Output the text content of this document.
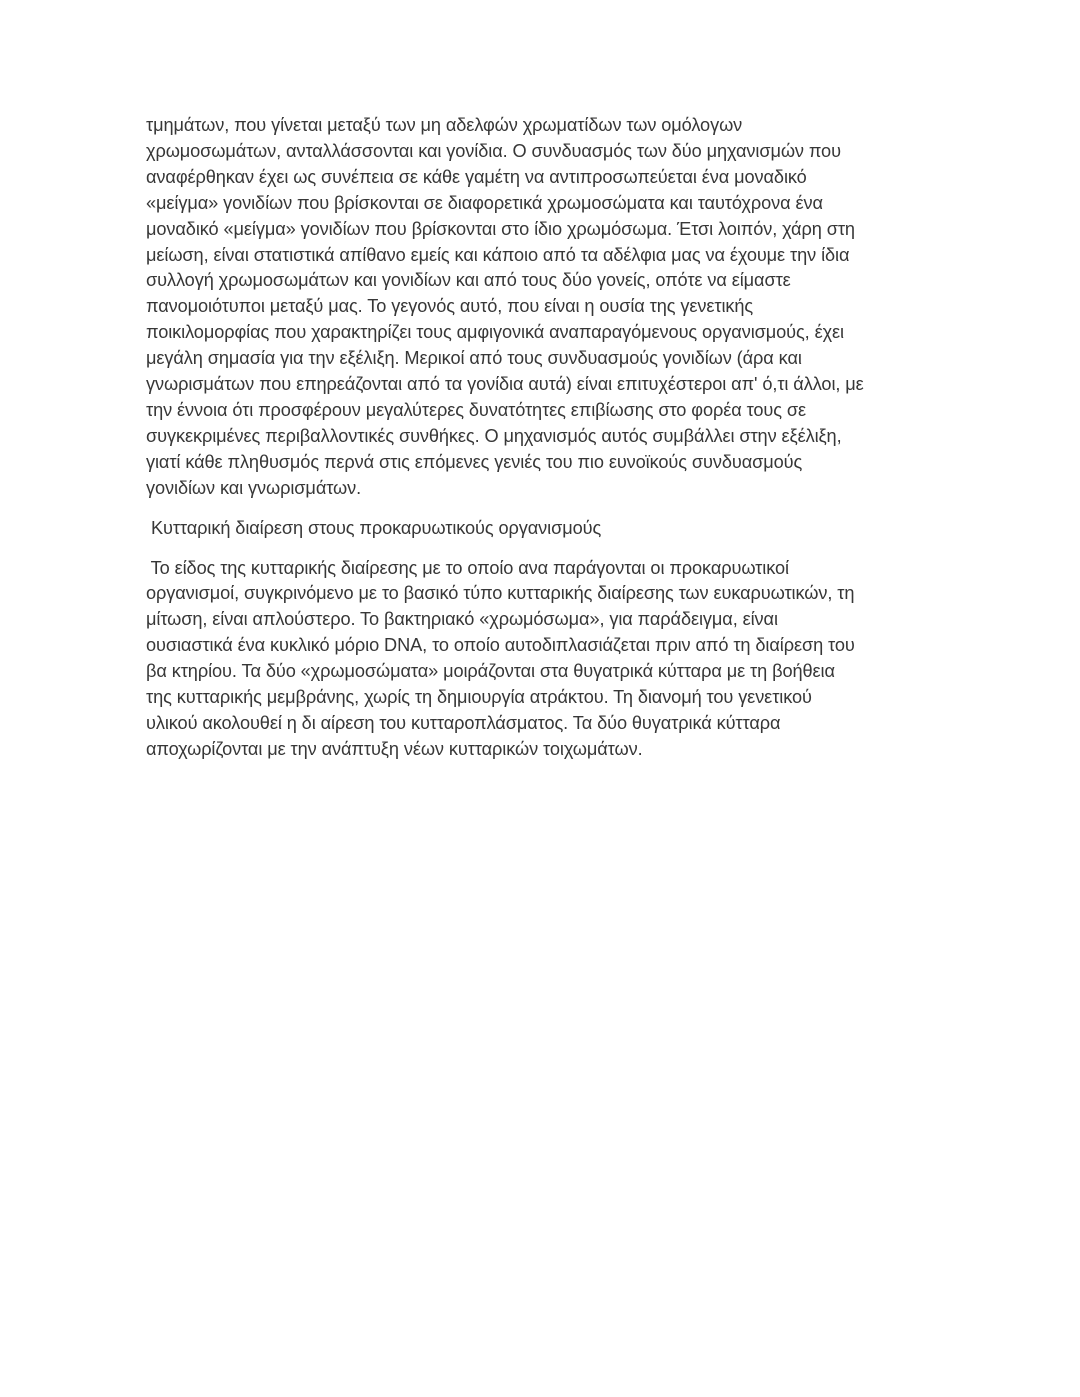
τμημάτων, που γίνεται μεταξύ των μη αδελφών χρωματίδων των ομόλογων
χρωμοσωμάτων, ανταλλάσσονται και γονίδια. Ο συνδυασμός των δύο μηχανισμών που
αναφέρθηκαν έχει ως συνέπεια σε κάθε γαμέτη να αντιπροσωπεύεται ένα μοναδικό
«μείγμα» γονιδίων που βρίσκονται σε διαφορετικά χρωμοσώματα και ταυτόχρονα ένα
μοναδικό «μείγμα» γονιδίων που βρίσκονται στο ίδιο χρωμόσωμα. Έτσι λοιπόν, χάρη στη
μείωση, είναι στατιστικά απίθανο εμείς και κάποιο από τα αδέλφια μας να έχουμε την ίδια
συλλογή χρωμοσωμάτων και γονιδίων και από τους δύο γονείς, οπότε να είμαστε
πανομοιότυποι μεταξύ μας. Το γεγονός αυτό, που είναι η ουσία της γενετικής
ποικιλομορφίας που χαρακτηρίζει τους αμφιγονικά αναπαραγόμενους οργανισμούς, έχει
μεγάλη σημασία για την εξέλιξη. Μερικοί από τους συνδυασμούς γονιδίων (άρα και
γνωρισμάτων που επηρεάζονται από τα γονίδια αυτά) είναι επιτυχέστεροι απ' ό,τι άλλοι, με
την έννοια ότι προσφέρουν μεγαλύτερες δυνατότητες επιβίωσης στο φορέα τους σε
συγκεκριμένες περιβαλλοντικές συνθήκες. Ο μηχανισμός αυτός συμβάλλει στην εξέλιξη,
γιατί κάθε πληθυσμός περνά στις επόμενες γενιές του πιο ευνοϊκούς συνδυασμούς
γονιδίων και γνωρισμάτων.
Κυτταρική διαίρεση στους προκαρυωτικούς οργανισμούς
Το είδος της κυτταρικής διαίρεσης με το οποίο ανα παράγονται οι προκαρυωτικοί
οργανισμοί, συγκρινόμενο με το βασικό τύπο κυτταρικής διαίρεσης των ευκαρυωτικών, τη
μίτωση, είναι απλούστερο. Το βακτηριακό «χρωμόσωμα», για παράδειγμα, είναι
ουσιαστικά ένα κυκλικό μόριο DNA, το οποίο αυτοδιπλασιάζεται πριν από τη διαίρεση του
βα κτηρίου. Τα δύο «χρωμοσώματα» μοιράζονται στα θυγατρικά κύτταρα με τη βοήθεια
της κυτταρικής μεμβράνης, χωρίς τη δημιουργία ατράκτου. Τη διανομή του γενετικού
υλικού ακολουθεί η δι αίρεση του κυτταροπλάσματος. Τα δύο θυγατρικά κύτταρα
αποχωρίζονται με την ανάπτυξη νέων κυτταρικών τοιχωμάτων.
